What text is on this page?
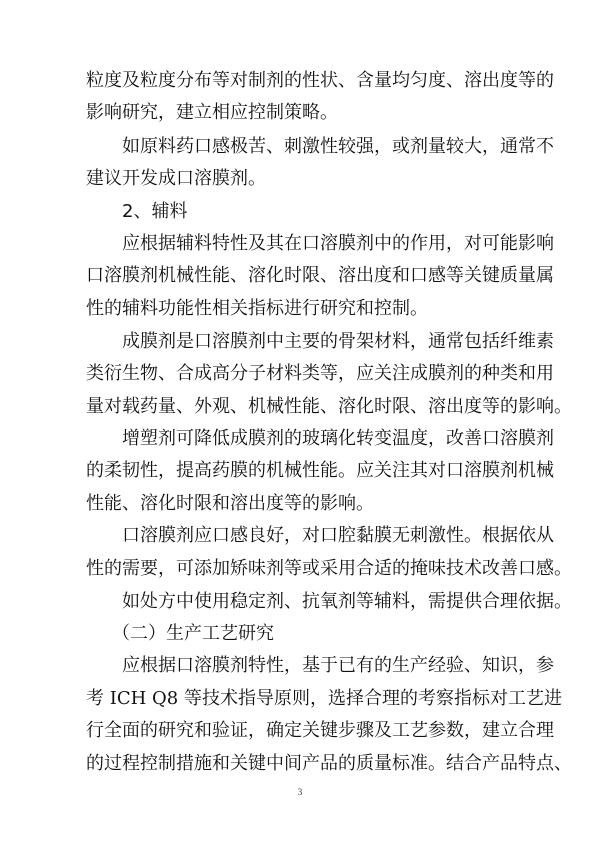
粒度及粒度分布等对制剂的性状、含量均匀度、溶出度等的
影响研究，建立相应控制策略。
如原料药口感极苦、刺激性较强，或剂量较大，通常不
建议开发成口溶膜剂。
2、辅料
应根据辅料特性及其在口溶膜剂中的作用，对可能影响
口溶膜剂机械性能、溶化时限、溶出度和口感等关键质量属
性的辅料功能性相关指标进行研究和控制。
成膜剂是口溶膜剂中主要的骨架材料，通常包括纤维素
类衍生物、合成高分子材料类等，应关注成膜剂的种类和用
量对载药量、外观、机械性能、溶化时限、溶出度等的影响。
增塑剂可降低成膜剂的玻璃化转变温度，改善口溶膜剂
的柔韧性，提高药膜的机械性能。应关注其对口溶膜剂机械
性能、溶化时限和溶出度等的影响。
口溶膜剂应口感良好，对口腔黏膜无刺激性。根据依从
性的需要，可添加矫味剂等或采用合适的掩味技术改善口感。
如处方中使用稳定剂、抗氧剂等辅料，需提供合理依据。
（二）生产工艺研究
应根据口溶膜剂特性，基于已有的生产经验、知识，参
考 ICH Q8 等技术指导原则，选择合理的考察指标对工艺进
行全面的研究和验证，确定关键步骤及工艺参数，建立合理
的过程控制措施和关键中间产品的质量标准。结合产品特点、
3
